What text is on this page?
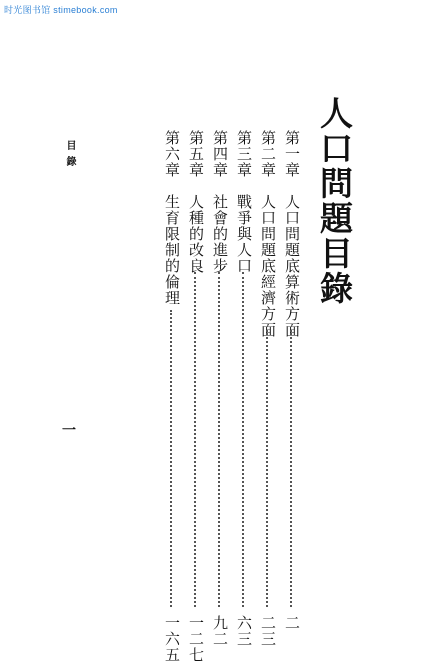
时光图书馆 stimebook.com
人口問題目錄
第一章
人口問題底算術方面
二
第二章
人口問題底經濟方面
二三
第三章
戰爭與人口
六三
第四章
社會的進步
九二
第五章
人種的改良
一二七
第六章
生育限制的倫理
一六五
目錄
一
